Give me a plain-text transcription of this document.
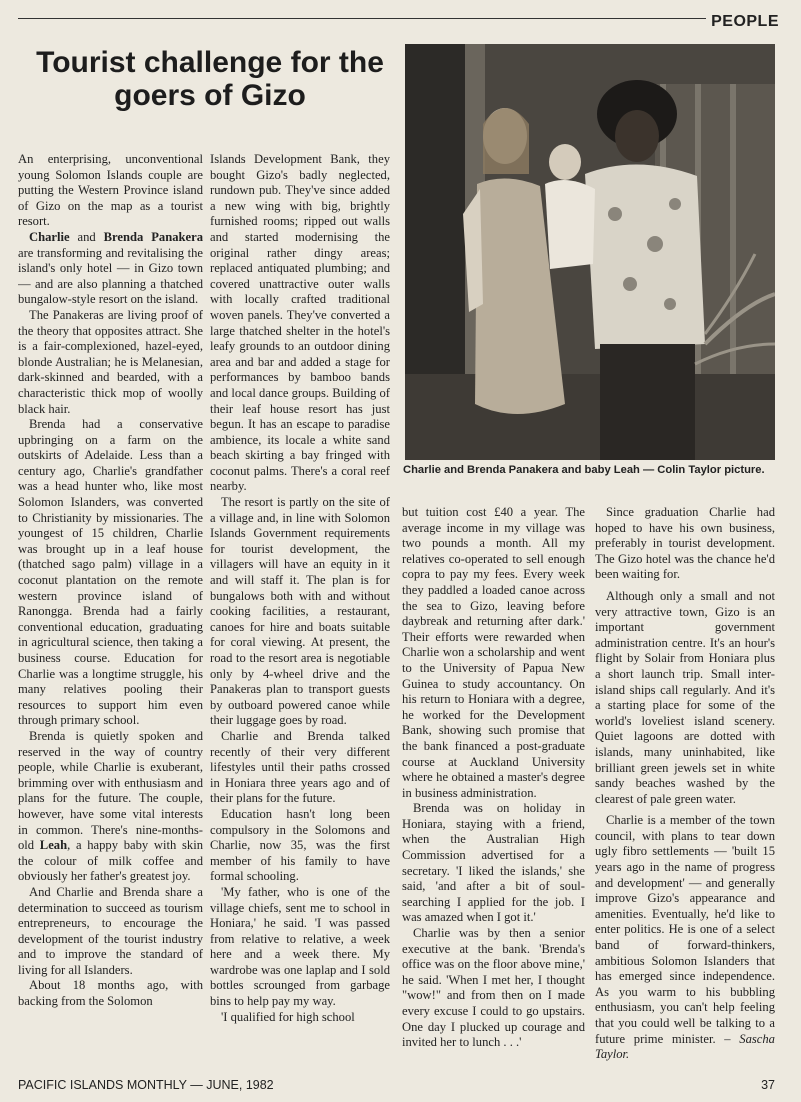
PEOPLE
Tourist challenge for the goers of Gizo

An enterprising, unconventional young Solomon Islands couple are putting the Western Province island of Gizo on the map as a tourist resort.

Charlie and Brenda Panakera are transforming and revitalising the island's only hotel — in Gizo town — and are also planning a thatched bungalow-style resort on the island.

The Panakeras are living proof of the theory that opposites attract. She is a fair-complexioned, hazel-eyed, blonde Australian; he is Melanesian, dark-skinned and bearded, with a characteristic thick mop of woolly black hair.

Brenda had a conservative upbringing on a farm on the outskirts of Adelaide. Less than a century ago, Charlie's grandfather was a head hunter who, like most Solomon Islanders, was converted to Christianity by missionaries. The youngest of 15 children, Charlie was brought up in a leaf house (thatched sago palm) village in a coconut plantation on the remote western province island of Ranongga. Brenda had a fairly conventional education, graduating in agricultural science, then taking a business course. Education for Charlie was a longtime struggle, his many relatives pooling their resources to support him even through primary school.

Brenda is quietly spoken and reserved in the way of country people, while Charlie is exuberant, brimming over with enthusiasm and plans for the future. The couple, however, have some vital interests in common. There's nine-months-old Leah, a happy baby with skin the colour of milk coffee and obviously her father's greatest joy.

And Charlie and Brenda share a determination to succeed as tourism entrepreneurs, to encourage the development of the tourist industry and to improve the standard of living for all Islanders.

About 18 months ago, with backing from the Solomon

Islands Development Bank, they bought Gizo's badly neglected, rundown pub. They've since added a new wing with big, brightly furnished rooms; ripped out walls and started modernising the original rather dingy areas; replaced antiquated plumbing; and covered unattractive outer walls with locally crafted traditional woven panels. They've converted a large thatched shelter in the hotel's leafy grounds to an outdoor dining area and bar and added a stage for performances by bamboo bands and local dance groups. Building of their leaf house resort has just begun. It has an escape to paradise ambience, its locale a white sand beach skirting a bay fringed with coconut palms. There's a coral reef nearby.

The resort is partly on the site of a village and, in line with Solomon Islands Government requirements for tourist development, the villagers will have an equity in it and will staff it. The plan is for bungalows both with and without cooking facilities, a restaurant, canoes for hire and boats suitable for coral viewing. At present, the road to the resort area is negotiable only by 4-wheel drive and the Panakeras plan to transport guests by outboard powered canoe while their luggage goes by road.

Charlie and Brenda talked recently of their very different lifestyles until their paths crossed in Honiara three years ago and of their plans for the future.

Education hasn't long been compulsory in the Solomons and Charlie, now 35, was the first member of his family to have formal schooling.

'My father, who is one of the village chiefs, sent me to school in Honiara,' he said. 'I was passed from relative to relative, a week here and a week there. My wardrobe was one laplap and I sold bottles scrounged from garbage bins to help pay my way.

'I qualified for high school

Charlie and Brenda Panakera and baby Leah — Colin Taylor picture.

but tuition cost £40 a year. The average income in my village was two pounds a month. All my relatives co-operated to sell enough copra to pay my fees. Every week they paddled a loaded canoe across the sea to Gizo, leaving before daybreak and returning after dark.' Their efforts were rewarded when Charlie won a scholarship and went to the University of Papua New Guinea to study accountancy. On his return to Honiara with a degree, he worked for the Development Bank, showing such promise that the bank financed a post-graduate course at Auckland University where he obtained a master's degree in business administration.

Brenda was on holiday in Honiara, staying with a friend, when the Australian High Commission advertised for a secretary. 'I liked the islands,' she said, 'and after a bit of soul-searching I applied for the job. I was amazed when I got it.'

Charlie was by then a senior executive at the bank. 'Brenda's office was on the floor above mine,' he said. 'When I met her, I thought "wow!" and from then on I made every excuse I could to go upstairs. One day I plucked up courage and invited her to lunch . . .'

Since graduation Charlie had hoped to have his own business, preferably in tourist development. The Gizo hotel was the chance he'd been waiting for.

Although only a small and not very attractive town, Gizo is an important government administration centre. It's an hour's flight by Solair from Honiara plus a short launch trip. Small inter-island ships call regularly. And it's a starting place for some of the world's loveliest island scenery. Quiet lagoons are dotted with islands, many uninhabited, like brilliant green jewels set in white sandy beaches washed by the clearest of pale green water.

Charlie is a member of the town council, with plans to tear down ugly fibro settlements — 'built 15 years ago in the name of progress and development' — and generally improve Gizo's appearance and amenities. Eventually, he'd like to enter politics. He is one of a select band of forward-thinkers, ambitious Solomon Islanders that has emerged since independence. As you warm to his bubbling enthusiasm, you can't help feeling that you could well be talking to a future prime minister. – Sascha Taylor.

PACIFIC ISLANDS MONTHLY — JUNE, 1982	37
